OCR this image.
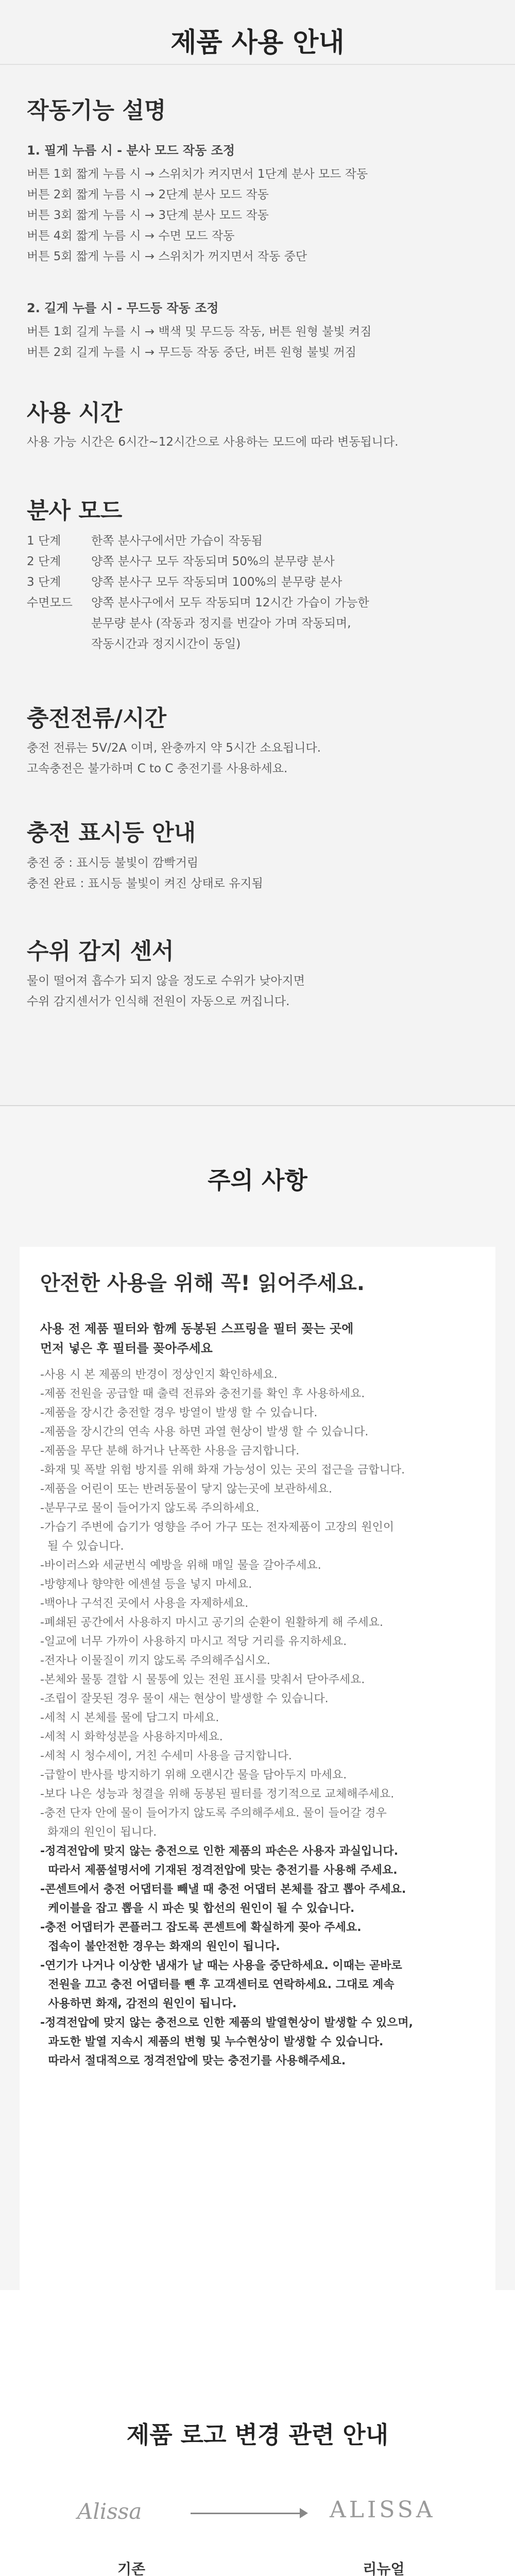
제품 사용 안내
작동기능 설명
1. 필게 누름 시 - 분사 모드 작동 조정
버튼 1회 짧게 누름 시 → 스위치가 켜지면서 1단계 분사 모드 작동
버튼 2회 짧게 누름 시 → 2단계 분사 모드 작동
버튼 3회 짧게 누름 시 → 3단계 분사 모드 작동
버튼 4회 짧게 누름 시 → 수면 모드 작동
버튼 5회 짧게 누름 시 → 스위치가 꺼지면서 작동 중단
2. 길게 누를 시 - 무드등 작동 조정
버튼 1회 길게 누를 시 → 백색 및 무드등 작동, 버튼 원형 불빛 켜짐
버튼 2회 길게 누를 시 → 무드등 작동 중단, 버튼 원형 불빛 꺼짐
사용 시간
사용 가능 시간은 6시간~12시간으로 사용하는 모드에 따라 변동됩니다.
분사 모드
1 단계	한쪽 분사구에서만 가습이 작동됨
2 단계	양쪽 분사구 모두 작동되며 50%의 분무량 분사
3 단계	양쪽 분사구 모두 작동되며 100%의 분무량 분사
수면모드	양쪽 분사구에서 모두 작동되며 12시간 가습이 가능한
분무량 분사 (작동과 정지를 번갈아 가며 작동되며,
작동시간과 정지시간이 동일)
충전전류/시간
충전 전류는 5V/2A 이며, 완충까지 약 5시간 소요됩니다.
고속충전은 불가하며 C to C 충전기를 사용하세요.
충전 표시등 안내
충전 중 : 표시등 불빛이 깜빡거림
충전 완료 : 표시등 불빛이 켜진 상태로 유지됨
수위 감지 센서
물이 떨어져 흡수가 되지 않을 정도로 수위가 낮아지면
수위 감지센서가 인식해 전원이 자동으로 꺼집니다.
주의 사항
안전한 사용을 위해 꼭! 읽어주세요.
사용 전 제품 필터와 함께 동봉된 스프링을 필터 꽂는 곳에
먼저 넣은 후 필터를 꽂아주세요
-사용 시 본 제품의 반경이 정상인지 확인하세요.
-제품 전원을 공급할 때 출력 전류와 충전기를 확인 후 사용하세요.
-제품을 장시간 충전할 경우 방열이 발생 할 수 있습니다.
-제품을 장시간의 연속 사용 하면 과열 현상이 발생 할 수 있습니다.
-제품을 무단 분해 하거나 난폭한 사용을 금지합니다.
-화재 및 폭발 위험 방지를 위해 화재 가능성이 있는 곳의 접근을 금합니다.
-제품을 어린이 또는 반려동물이 닿지 않는곳에 보관하세요.
-분무구로 물이 들어가지 않도록 주의하세요.
-가습기 주변에 습기가 영향을 주어 가구 또는 전자제품이 고장의 원인이
될 수 있습니다.
-바이러스와 세균번식 예방을 위해 매일 물을 갈아주세요.
-방향제나 향약한 에센셜 등을 넣지 마세요.
-백아나 구석진 곳에서 사용을 자제하세요.
-폐쇄된 공간에서 사용하지 마시고 공기의 순환이 원활하게 해 주세요.
-일교에 너무 가까이 사용하지 마시고 적당 거리를 유지하세요.
-전자나 이물질이 끼지 않도록 주의해주십시오.
-본체와 물통 결합 시 물통에 있는 전원 표시를 맞춰서 닫아주세요.
-조립이 잘못된 경우 물이 새는 현상이 발생할 수 있습니다.
-세척 시 본체를 물에 담그지 마세요.
-세척 시 화학성분을 사용하지마세요.
-세척 시 청수세이, 거친 수세미 사용을 금지합니다.
-급할이 반사를 방지하기 위해 오랜시간 물을 담아두지 마세요.
-보다 나은 성능과 청결을 위해 동봉된 필터를 정기적으로 교체해주세요.
-충전 단자 안에 물이 들어가지 않도록 주의해주세요. 물이 들어갈 경우
화재의 원인이 됩니다.
-정격전압에 맞지 않는 충전으로 인한 제품의 파손은 사용자 과실입니다.
따라서 제품설명서에 기재된 정격전압에 맞는 충전기를 사용해 주세요.
-콘센트에서 충전 어댑터를 빼낼 때 충전 어댑터 본체를 잡고 뽑아 주세요.
케이블을 잡고 뽑을 시 파손 및 합선의 원인이 될 수 있습니다.
-충전 어댑터가 콘플러그 잡도록 콘센트에 확실하게 꽂아 주세요.
접속이 불안전한 경우는 화재의 원인이 됩니다.
-연기가 나거나 이상한 냄새가 날 때는 사용을 중단하세요. 이때는 곧바로
전원을 끄고 충전 어댑터를 뺀 후 고객센터로 연락하세요. 그대로 계속
사용하면 화재, 감전의 원인이 됩니다.
-정격전압에 맞지 않는 충전으로 인한 제품의 발열현상이 발생할 수 있으며,
과도한 발열 지속시 제품의 변형 및 누수현상이 발생할 수 있습니다.
따라서 절대적으로 정격전압에 맞는 충전기를 사용해주세요.
제품 로고 변경 관련 안내
Alissa	ALISSA
기존	리뉴얼
